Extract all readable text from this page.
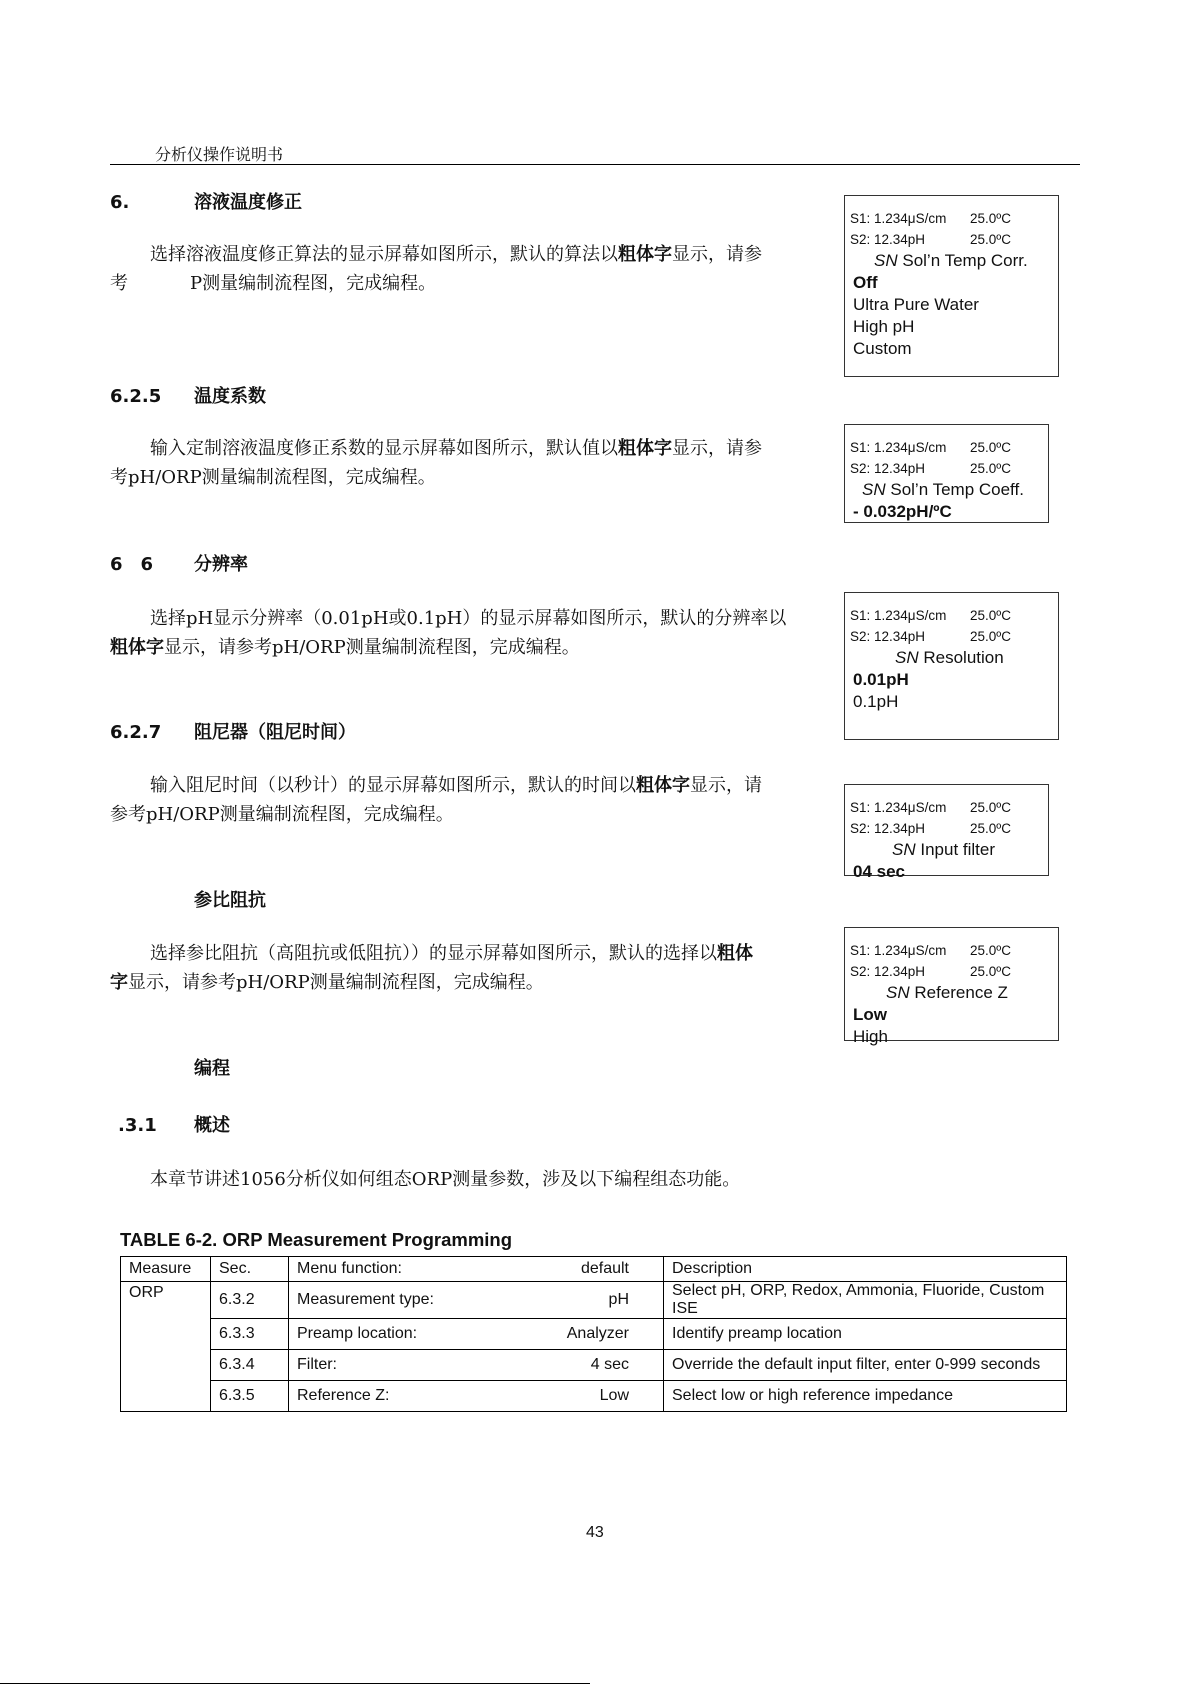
分析仪操作说明书
6.	溶液温度修正
选择溶液温度修正算法的显示屏幕如图所示，默认的算法以粗体字显示，请参
考	P测量编制流程图，完成编程。
S1: 1.234μS/cm 25.0ºC
S2: 12.34pH	25.0ºC
SN Sol’n Temp Corr.
Off
Ultra Pure Water
High pH
Custom
6.2.5 温度系数
输入定制溶液温度修正系数的显示屏幕如图所示，默认值以粗体字显示，请参
考pH/ORP测量编制流程图，完成编程。
S1: 1.234μS/cm 25.0ºC
S2: 12.34pH	25.0ºC
SN Sol’n Temp Coeff.
- 0.032pH/ºC
6　6 分辨率
选择pH显示分辨率（0.01pH或0.1pH）的显示屏幕如图所示，默认的分辨率以
粗体字显示，请参考pH/ORP测量编制流程图，完成编程。
S1: 1.234μS/cm 25.0ºC
S2: 12.34pH	25.0ºC
SN Resolution
0.01pH
0.1pH
6.2.7 阻尼器（阻尼时间）
输入阻尼时间（以秒计）的显示屏幕如图所示，默认的时间以粗体字显示，请
参考pH/ORP测量编制流程图，完成编程。	S1: 1.234μS/cm 25.0ºC
S2: 12.34pH	25.0ºC
SN Input filter
04 sec
参比阻抗
选择参比阻抗（高阻抗或低阻抗））的显示屏幕如图所示，默认的选择以粗体
字显示，请参考pH/ORP测量编制流程图，完成编程。
S1: 1.234μS/cm 25.0ºC
S2: 12.34pH	25.0ºC
SN Reference Z
Low
High
编程
.3.1 概述
本章节讲述1056分析仪如何组态ORP测量参数，涉及以下编程组态功能。
TABLE 6-2. ORP Measurement Programming
Measure	Sec.	Menu function: default	Description
ORP	6.3.2	Measurement type: pH	Select pH, ORP, Redox, Ammonia, Fluoride, Custom ISE
	6.3.3	Preamp location: Analyzer	Identify preamp location
	6.3.4	Filter: 4 sec	Override the default input filter, enter 0-999 seconds
	6.3.5	Reference Z: Low	Select low or high reference impedance
43
